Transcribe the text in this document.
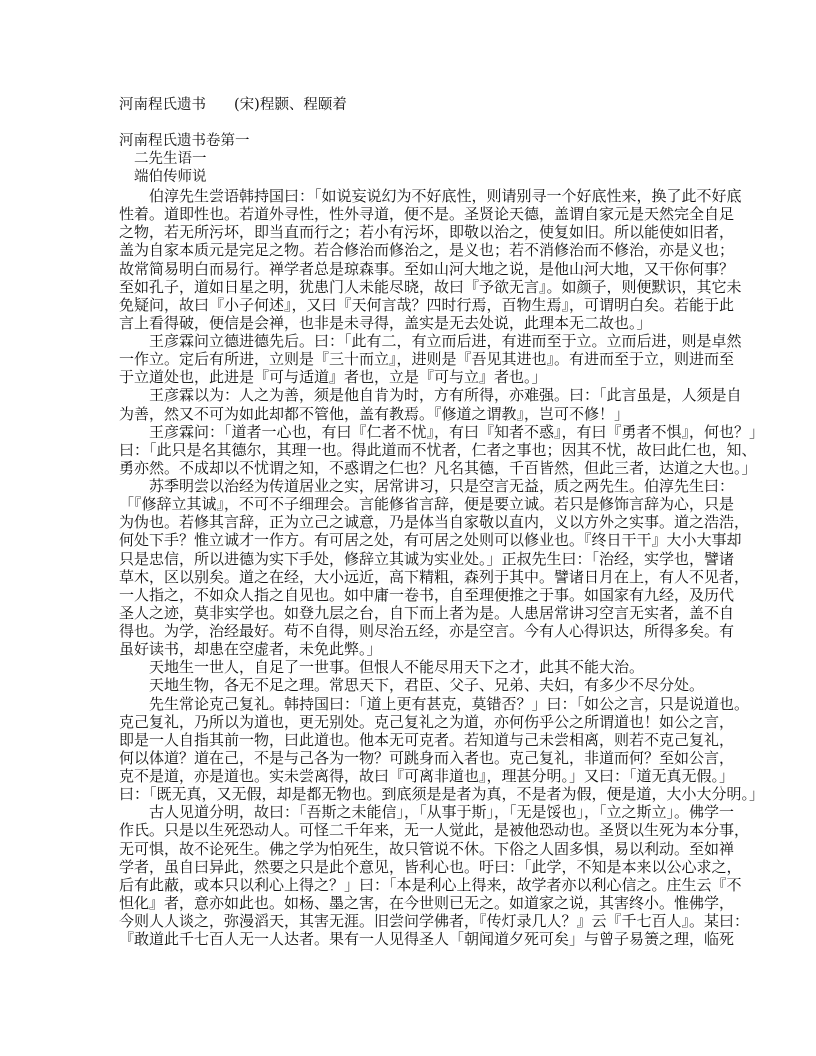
河南程氏遗书 (宋)程颢、程颐着
河南程氏遗书卷第一
二先生语一
端伯传师说
　　伯淳先生尝语韩持国曰：「如说妄说幻为不好底性，则请别寻一个好底性来，换了此不好底
性着。道即性也。若道外寻性，性外寻道，便不是。圣贤论天德，盖谓自家元是天然完全自足
之物，若无所污坏，即当直而行之；若小有污坏，即敬以治之，使复如旧。所以能使如旧者，
盖为自家本质元是完足之物。若合修治而修治之，是义也；若不消修治而不修治，亦是义也；
故常简易明白而易行。禅学者总是琼森事。至如山河大地之说，是他山河大地，又干你何事？
至如孔子，道如日星之明，犹患门人未能尽晓，故曰『予欲无言』。如颜子，则便默识，其它未
免疑问，故曰『小子何述』，又曰『天何言哉？四时行焉，百物生焉』，可谓明白矣。若能于此
言上看得破，便信是会禅，也非是未寻得，盖实是无去处说，此理本无二故也。」
　　王彦霖问立德进德先后。曰：「此有二，有立而后进，有进而至于立。立而后进，则是卓然
一作立。定后有所进，立则是『三十而立』，进则是『吾见其进也』。有进而至于立，则进而至
于立道处也，此进是『可与适道』者也，立是『可与立』者也。」
　　王彦霖以为：人之为善，须是他自肯为时，方有所得，亦难强。曰：「此言虽是，人须是自
为善，然又不可为如此却都不管他，盖有教焉。『修道之谓教』，岂可不修！」
　　王彦霖问：「道者一心也，有曰『仁者不忧』，有曰『知者不惑』，有曰『勇者不惧』，何也？」
曰：「此只是名其德尔，其理一也。得此道而不忧者，仁者之事也；因其不忧，故曰此仁也，知、
勇亦然。不成却以不忧谓之知，不惑谓之仁也？凡名其德，千百皆然，但此三者，达道之大也。」
　　苏季明尝以治经为传道居业之实，居常讲习，只是空言无益，质之两先生。伯淳先生曰：
「『修辞立其诚』，不可不子细理会。言能修省言辞，便是要立诚。若只是修饰言辞为心，只是
为伪也。若修其言辞，正为立己之诚意，乃是体当自家敬以直内，义以方外之实事。道之浩浩，
何处下手？惟立诚才一作方。有可居之处，有可居之处则可以修业也。『终日干干』大小大事却
只是忠信，所以进德为实下手处，修辞立其诚为实业处。」正叔先生曰：「治经，实学也，譬诸
草木，区以别矣。道之在经，大小远近，高下精粗，森列于其中。譬诸日月在上，有人不见者，
一人指之，不如众人指之自见也。如中庸一卷书，自至理便推之于事。如国家有九经，及历代
圣人之迹，莫非实学也。如登九层之台，自下而上者为是。人患居常讲习空言无实者，盖不自
得也。为学，治经最好。苟不自得，则尽治五经，亦是空言。今有人心得识达，所得多矣。有
虽好读书，却患在空虚者，未免此弊。」
　　天地生一世人，自足了一世事。但恨人不能尽用天下之才，此其不能大治。
　　天地生物，各无不足之理。常思天下，君臣、父子、兄弟、夫妇，有多少不尽分处。
　　先生常论克己复礼。韩持国曰：「道上更有甚克，莫错否？」曰：「如公之言，只是说道也。
克己复礼，乃所以为道也，更无别处。克己复礼之为道，亦何伤乎公之所谓道也！如公之言，
即是一人自指其前一物，曰此道也。他本无可克者。若知道与己未尝相离，则若不克己复礼，
何以体道？道在己，不是与己各为一物？可跳身而入者也。克己复礼，非道而何？至如公言，
克不是道，亦是道也。实未尝离得，故曰『可离非道也』，理甚分明。」又曰：「道无真无假。」
曰：「既无真，又无假，却是都无物也。到底须是是者为真，不是者为假，便是道，大小大分明。」
　　古人见道分明，故曰：「吾斯之未能信」，「从事于斯」，「无是馁也」，「立之斯立」。佛学一
作氏。只是以生死恐动人。可怪二千年来，无一人觉此，是被他恐动也。圣贤以生死为本分事，
无可惧，故不论死生。佛之学为怕死生，故只管说不休。下俗之人固多惧，易以利动。至如禅
学者，虽自曰异此，然要之只是此个意见，皆利心也。吁曰：「此学，不知是本来以公心求之，
后有此蔽，或本只以利心上得之？」曰：「本是利心上得来，故学者亦以利心信之。庄生云『不
怛化』者，意亦如此也。如杨、墨之害，在今世则已无之。如道家之说，其害终小。惟佛学，
今则人人谈之，弥漫滔天，其害无涯。旧尝问学佛者，『传灯录几人？』云『千七百人』。某曰：
『敢道此千七百人无一人达者。果有一人见得圣人「朝闻道夕死可矣」与曾子易箦之理，临死
